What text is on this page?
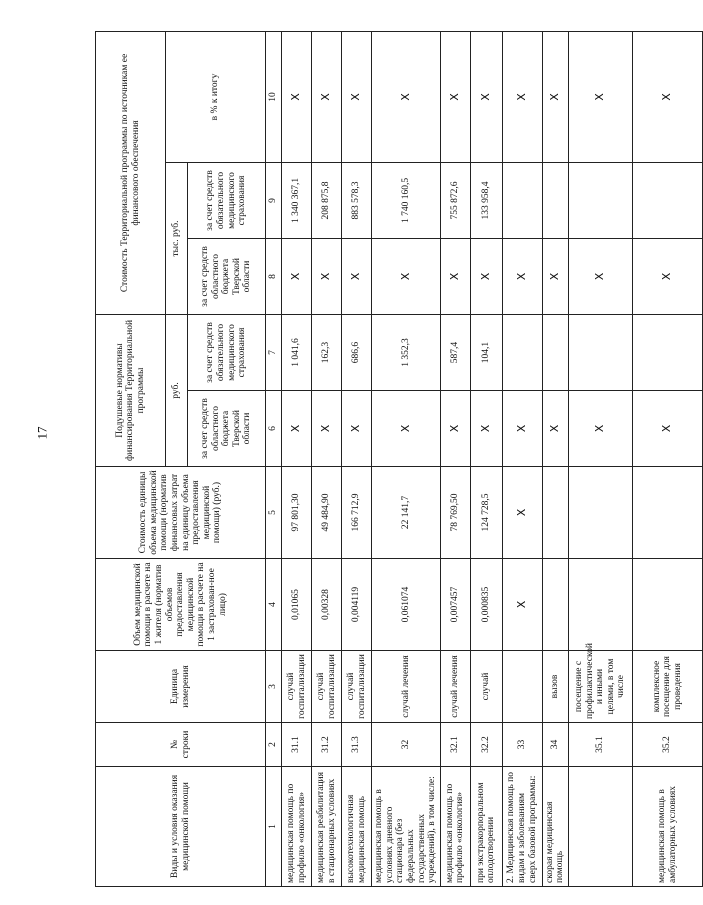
17
Виды и условия оказания медицинской помощи	№ строки	Единица измерения	Объем медицинской помощи в расчете на 1 жителя (норматив объемов предоставления медицинской помощи в расчете на 1 застрахован-ное лицо)	Стоимость единицы объема медицинской помощи (норматив финансовых затрат на единицу объема предоставления медицинской помощи) (руб.)	Подушевые нормативы финансирования Территориальной программы		Стоимость Территориальной программы по источникам ее финансового обеспечения		
					руб.		тыс. руб.		в % к итогу
					за счет средств областного бюджета Тверской области	за счет средств обязательного медицинского страхования	за счет средств областного бюджета Тверской области	за счет средств обязательного медицинского страхования	
1	2	3	4	5	6	7	8	9	10
медицинская помощь по профилю «онкология»	31.1	случай госпитализации	0,01065	97 801,30	Х	1 041,6	Х	1 340 367,1	Х
медицинская реабилитация в стационарных условиях	31.2	случай госпитализации	0,00328	49 484,90	Х	162,3	Х	208 875,8	Х
высокотехнологичная медицинская помощь	31.3	случай госпитализации	0,004119	166 712,9	Х	686,6	Х	883 578,3	Х
медицинская помощь в условиях дневного стационара (без федеральных государственных учреждений), в том числе:	32	случай лечения	0,061074	22 141,7	Х	1 352,3	Х	1 740 160,5	Х
медицинская помощь по профилю «онкология»	32.1	случай лечения	0,007457	78 769,50	Х	587,4	Х	755 872,6	Х
при экстракорпоральном оплодотворении	32.2	случай	0,000835	124 728,5	Х	104,1	Х	133 958,4	Х
2. Медицинская помощь по видам и заболеваниям сверх базовой программы:	33		Х	Х	Х		Х		Х
скорая медицинская помощь	34	вызов			Х		Х		Х
	35.1	посещение с профилактической и иными целями, в том числе			Х		Х		Х
медицинская помощь в амбулаторных условиях	35.2	комплексное посещение для проведения			Х		Х		Х
